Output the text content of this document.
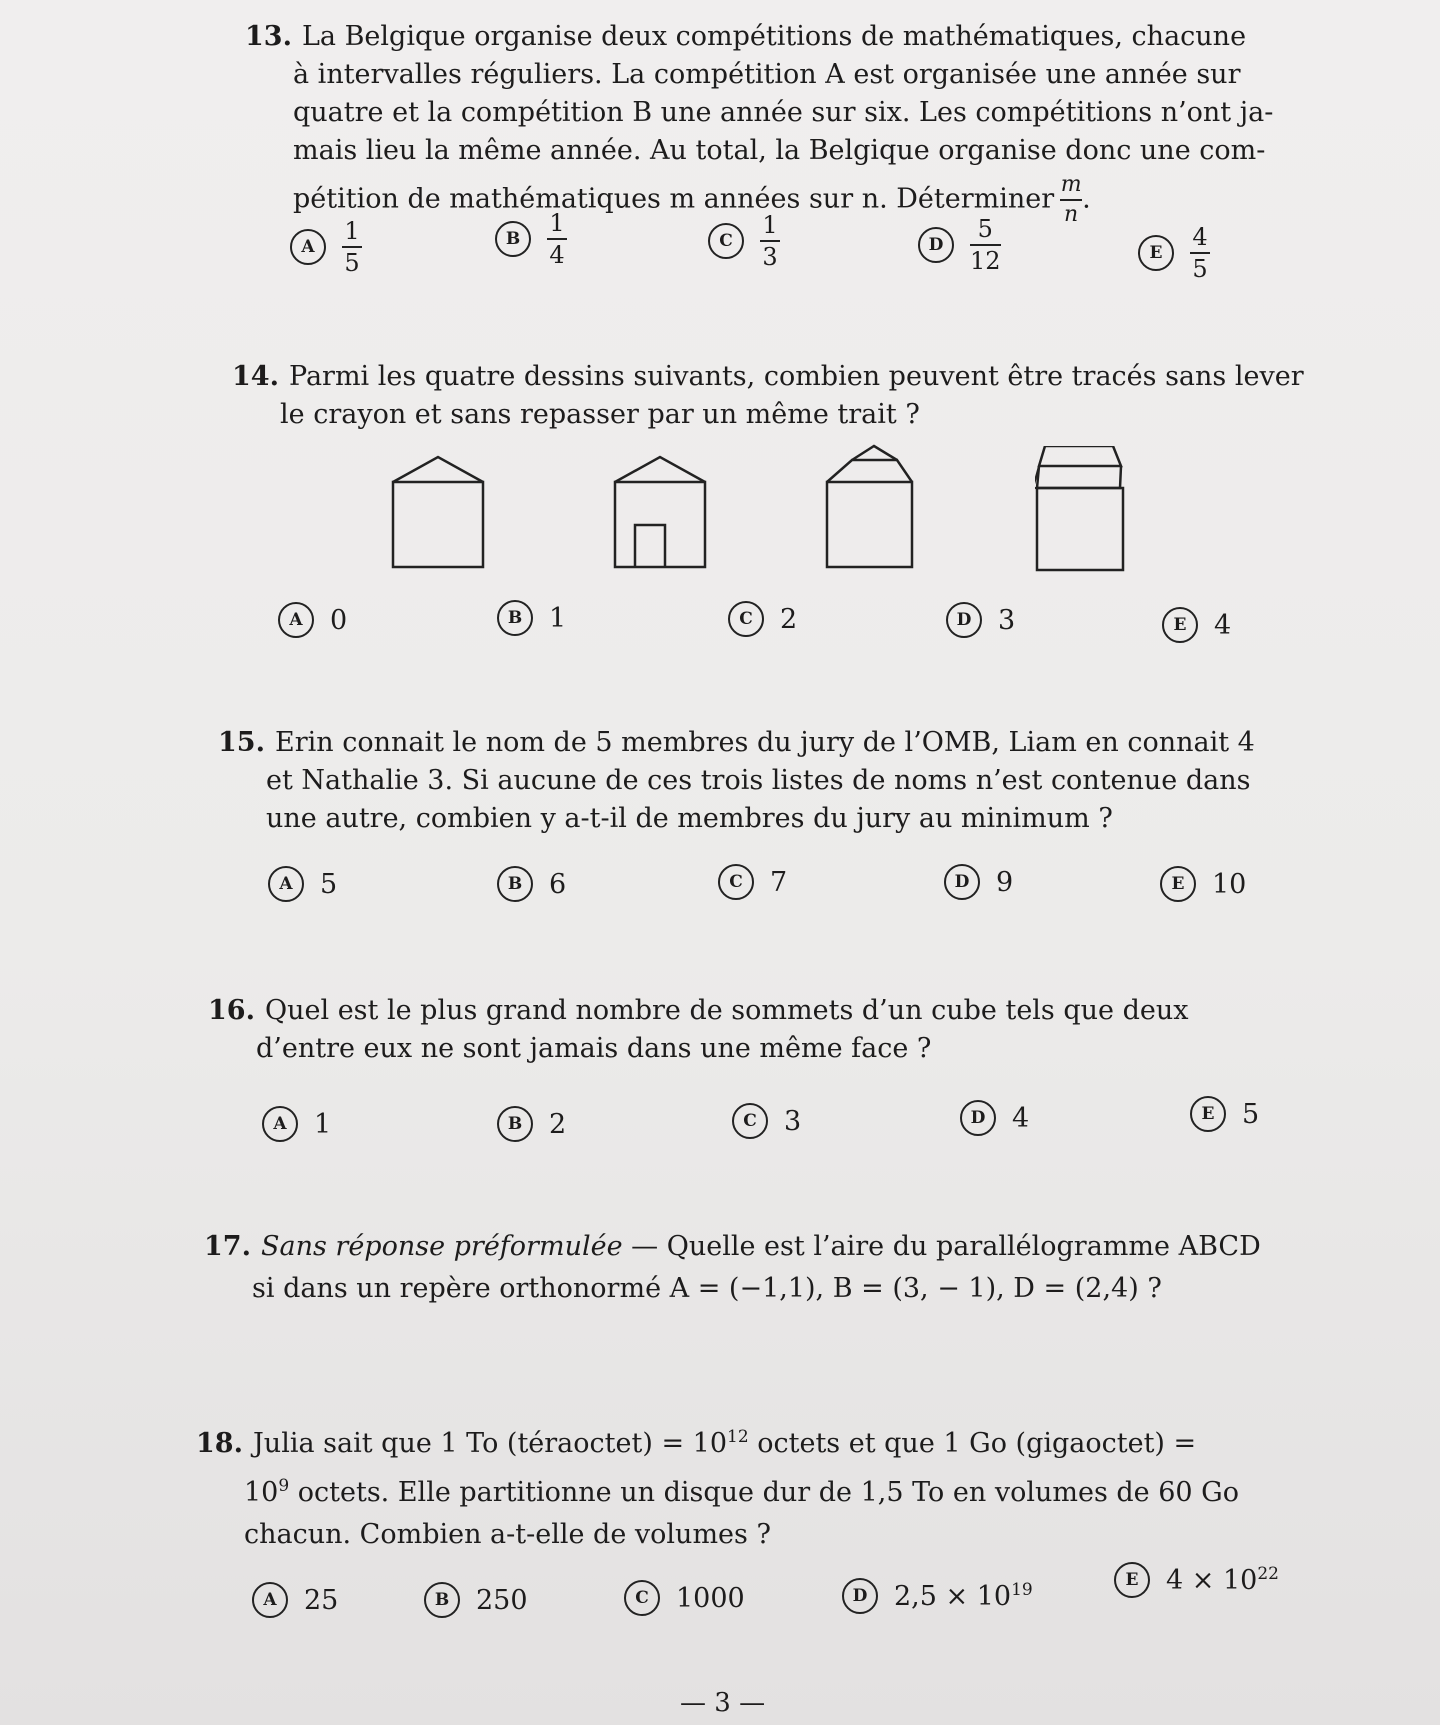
13. La Belgique organise deux compétitions de mathématiques, chacune
à intervalles réguliers. La compétition A est organisée une année sur
quatre et la compétition B une année sur six. Les compétitions n’ont ja-
mais lieu la même année. Au total, la Belgique organise donc une com-
pétition de mathématiques m années sur n. Déterminer $\frac{m}{n}$ .
A	$\frac{1}{5}$	B	$\frac{1}{4}$	C	$\frac{1}{3}$	D	$\frac{5}{12}$	E	$\frac{4}{5}$
14. Parmi les quatre dessins suivants, combien peuvent être tracés sans lever
le crayon et sans repasser par un même trait ?
A	0	B 1	C	2	D 3	E	4
15. Erin connait le nom de 5 membres du jury de l’OMB, Liam en connait 4
et Nathalie 3. Si aucune de ces trois listes de noms n’est contenue dans
une autre, combien y a-t-il de membres du jury au minimum ?
A	5	B 6	C	7	D 9	E	10
16. Quel est le plus grand nombre de sommets d’un cube tels que deux
d’entre eux ne sont jamais dans une même face ?
A	1	B 2	C	3	D 4	E	5
17. Sans réponse préformulée — Quelle est l’aire du parallélogramme ABCD
si dans un repère orthonormé A = (−1,1), B = (3, − 1), D = (2,4) ?
18. Julia sait que 1 To (téraoctet) = $10^{12}$ octets et que 1 Go (gigaoctet) =
$10^9$ octets. Elle partitionne un disque dur de 1,5 To en volumes de 60 Go
chacun. Combien a-t-elle de volumes ?
A	25	B 250	C	1000	D $2,5 \times 10^{19}$	E	$4 \times 10^{22}$
— 3 —
